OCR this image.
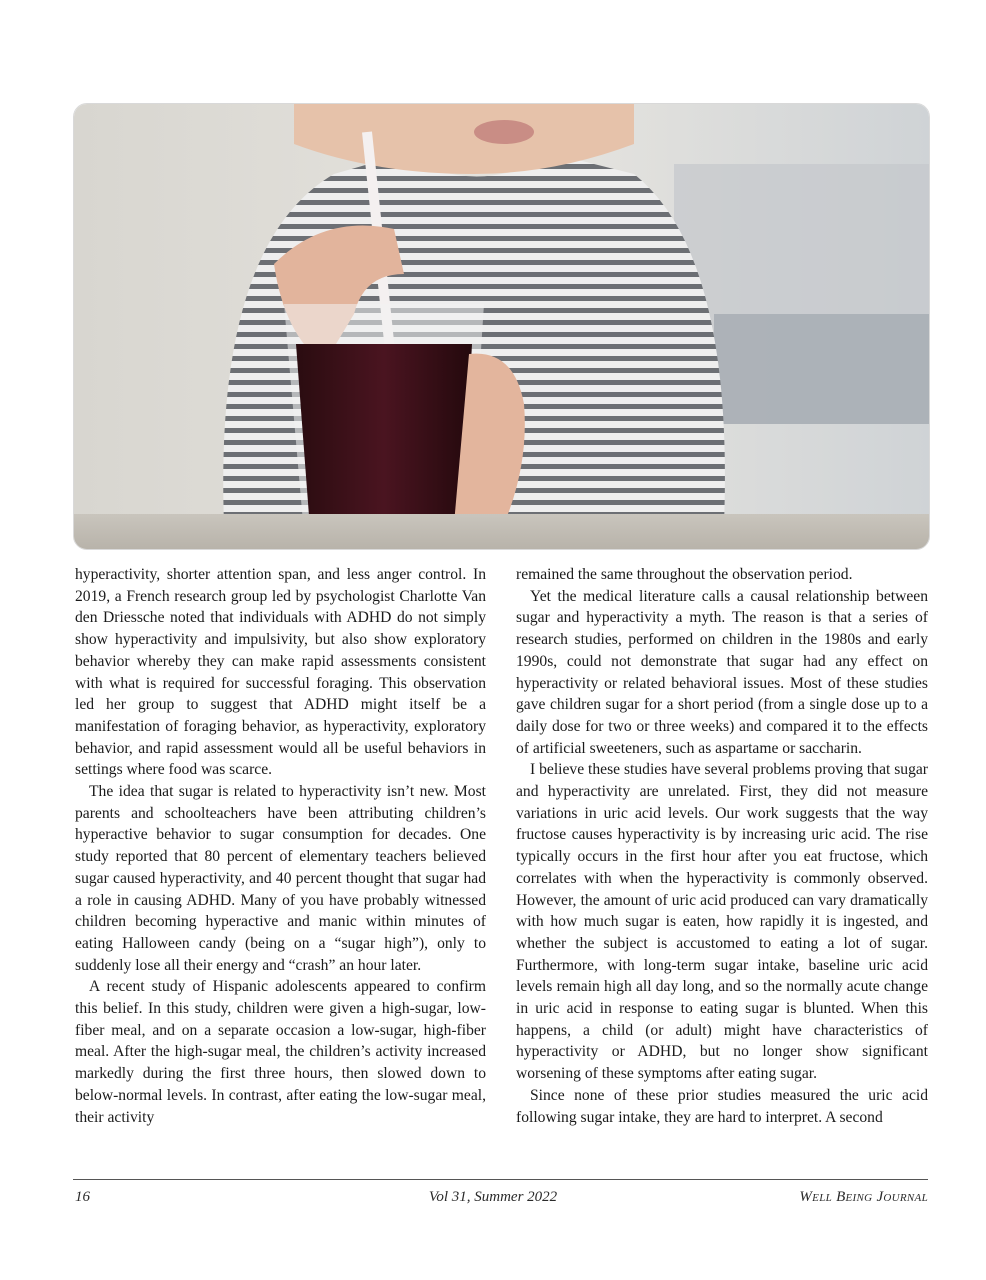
hyperactivity, shorter attention span, and less anger control. In 2019, a French research group led by psychologist Charlotte Van den Driessche noted that individuals with ADHD do not simply show hyperactivity and impulsivity, but also show exploratory behavior whereby they can make rapid assessments consistent with what is required for successful foraging. This observation led her group to suggest that ADHD might itself be a manifestation of foraging behavior, as hyperactivity, exploratory behavior, and rapid assessment would all be useful behaviors in settings where food was scarce.

The idea that sugar is related to hyperactivity isn’t new. Most parents and schoolteachers have been attributing children’s hyperactive behavior to sugar consumption for decades. One study reported that 80 percent of elementary teachers believed sugar caused hyperactivity, and 40 percent thought that sugar had a role in causing ADHD. Many of you have probably witnessed children becoming hyperactive and manic within minutes of eating Halloween candy (being on a “sugar high”), only to suddenly lose all their energy and “crash” an hour later.

A recent study of Hispanic adolescents appeared to confirm this belief. In this study, children were given a high-sugar, low-fiber meal, and on a separate occasion a low-sugar, high-fiber meal. After the high-sugar meal, the children’s activity increased markedly during the first three hours, then slowed down to below-normal levels. In contrast, after eating the low-sugar meal, their activity

remained the same throughout the observation period.

Yet the medical literature calls a causal relationship between sugar and hyperactivity a myth. The reason is that a series of research studies, performed on children in the 1980s and early 1990s, could not demonstrate that sugar had any effect on hyperactivity or related behavioral issues. Most of these studies gave children sugar for a short period (from a single dose up to a daily dose for two or three weeks) and compared it to the effects of artificial sweeteners, such as aspartame or saccharin.

I believe these studies have several problems proving that sugar and hyperactivity are unrelated. First, they did not measure variations in uric acid levels. Our work suggests that the way fructose causes hyperactivity is by increasing uric acid. The rise typically occurs in the first hour after you eat fructose, which correlates with when the hyperactivity is commonly observed. However, the amount of uric acid produced can vary dramatically with how much sugar is eaten, how rapidly it is ingested, and whether the subject is accustomed to eating a lot of sugar. Furthermore, with long-term sugar intake, baseline uric acid levels remain high all day long, and so the normally acute change in uric acid in response to eating sugar is blunted. When this happens, a child (or adult) might have characteristics of hyperactivity or ADHD, but no longer show significant worsening of these symptoms after eating sugar.

Since none of these prior studies measured the uric acid following sugar intake, they are hard to interpret. A second

16	Vol 31, Summer 2022	Well Being Journal
